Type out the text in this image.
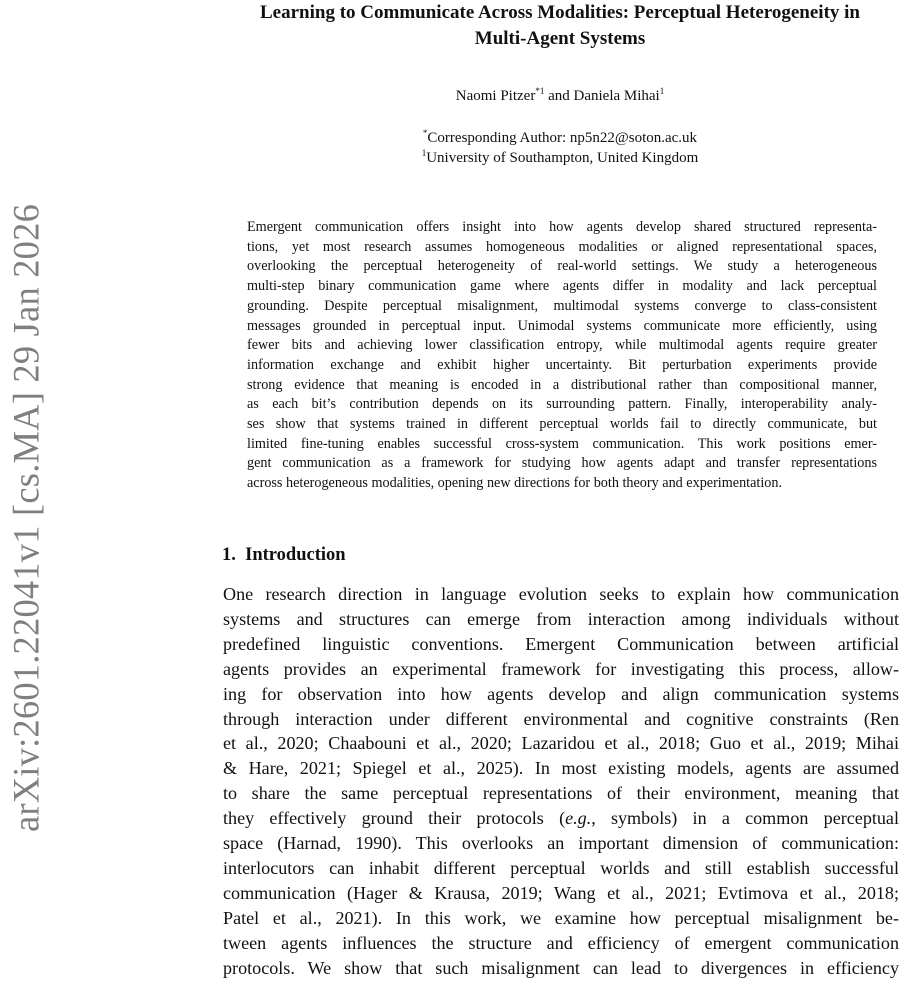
arXiv:2601.22041v1 [cs.MA] 29 Jan 2026
Learning to Communicate Across Modalities: Perceptual Heterogeneity in
Multi-Agent Systems
Naomi Pitzer$^{*1}$ and Daniela Mihai$^1$
*Corresponding Author: np5n22@soton.ac.uk
$^1$University of Southampton, United Kingdom
Emergent communication offers insight into how agents develop shared structured representa-
tions, yet most research assumes homogeneous modalities or aligned representational spaces,
overlooking the perceptual heterogeneity of real-world settings. We study a heterogeneous
multi-step binary communication game where agents differ in modality and lack perceptual
grounding. Despite perceptual misalignment, multimodal systems converge to class-consistent
messages grounded in perceptual input. Unimodal systems communicate more efficiently, using
fewer bits and achieving lower classification entropy, while multimodal agents require greater
information exchange and exhibit higher uncertainty. Bit perturbation experiments provide
strong evidence that meaning is encoded in a distributional rather than compositional manner,
as each bit’s contribution depends on its surrounding pattern. Finally, interoperability analy-
ses show that systems trained in different perceptual worlds fail to directly communicate, but
limited fine-tuning enables successful cross-system communication. This work positions emer-
gent communication as a framework for studying how agents adapt and transfer representations
across heterogeneous modalities, opening new directions for both theory and experimentation.
1. Introduction
One research direction in language evolution seeks to explain how communication
systems and structures can emerge from interaction among individuals without
predefined linguistic conventions. Emergent Communication between artificial
agents provides an experimental framework for investigating this process, allow-
ing for observation into how agents develop and align communication systems
through interaction under different environmental and cognitive constraints (Ren
et al., 2020; Chaabouni et al., 2020; Lazaridou et al., 2018; Guo et al., 2019; Mihai
& Hare, 2021; Spiegel et al., 2025). In most existing models, agents are assumed
to share the same perceptual representations of their environment, meaning that
they effectively ground their protocols (e.g., symbols) in a common perceptual
space (Harnad, 1990). This overlooks an important dimension of communication:
interlocutors can inhabit different perceptual worlds and still establish successful
communication (Hager & Krausa, 2019; Wang et al., 2021; Evtimova et al., 2018;
Patel et al., 2021). In this work, we examine how perceptual misalignment be-
tween agents influences the structure and efficiency of emergent communication
protocols. We show that such misalignment can lead to divergences in efficiency
